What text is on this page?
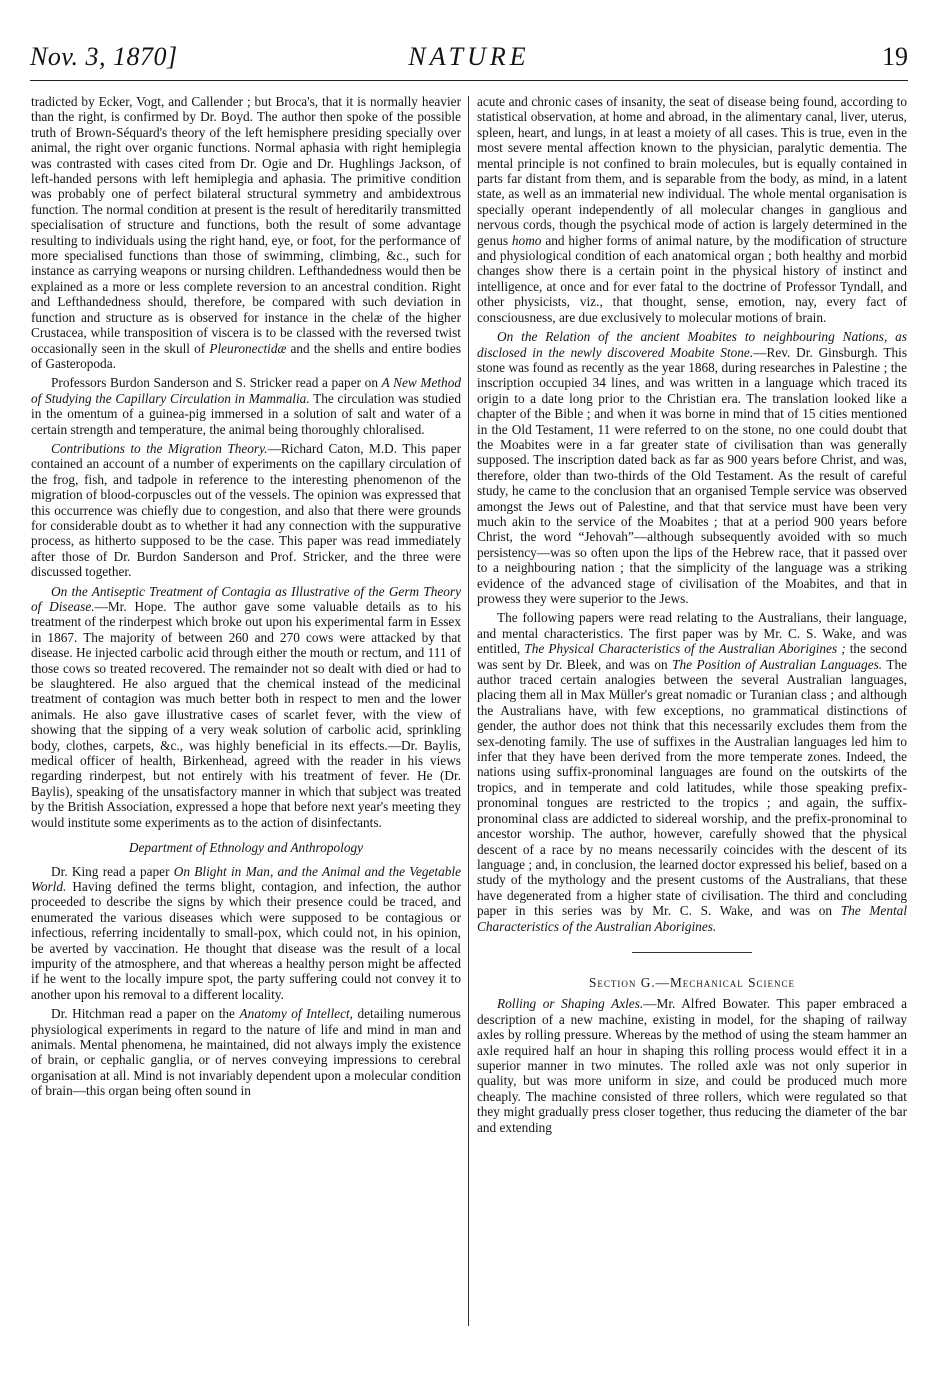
Nov. 3, 1870]	NATURE	19

tradicted by Ecker, Vogt, and Callender ; but Broca's, that it is normally heavier than the right, is confirmed by Dr. Boyd. The author then spoke of the possible truth of Brown-Séquard's theory of the left hemisphere presiding specially over animal, the right over organic functions. Normal aphasia with right hemiplegia was contrasted with cases cited from Dr. Ogie and Dr. Hughlings Jackson, of left-handed persons with left hemiplegia and aphasia. The primitive condition was probably one of perfect bilateral structural symmetry and ambidextrous function. The normal condition at present is the result of hereditarily transmitted specialisation of structure and functions, both the result of some advantage resulting to individuals using the right hand, eye, or foot, for the performance of more specialised functions than those of swimming, climbing, &c., such for instance as carrying weapons or nursing children. Lefthandedness would then be explained as a more or less complete reversion to an ancestral condition. Right and Lefthandedness should, therefore, be compared with such deviation in function and structure as is observed for instance in the chelæ of the higher Crustacea, while transposition of viscera is to be classed with the reversed twist occasionally seen in the skull of Pleuronectidæ and the shells and entire bodies of Gasteropoda.

Professors Burdon Sanderson and S. Stricker read a paper on A New Method of Studying the Capillary Circulation in Mammalia. The circulation was studied in the omentum of a guinea-pig immersed in a solution of salt and water of a certain strength and temperature, the animal being thoroughly chloralised.

Contributions to the Migration Theory.—Richard Caton, M.D. This paper contained an account of a number of experiments on the capillary circulation of the frog, fish, and tadpole in reference to the interesting phenomenon of the migration of blood-corpuscles out of the vessels. The opinion was expressed that this occurrence was chiefly due to congestion, and also that there were grounds for considerable doubt as to whether it had any connection with the suppurative process, as hitherto supposed to be the case. This paper was read immediately after those of Dr. Burdon Sanderson and Prof. Stricker, and the three were discussed together.

On the Antiseptic Treatment of Contagia as Illustrative of the Germ Theory of Disease.—Mr. Hope. The author gave some valuable details as to his treatment of the rinderpest which broke out upon his experimental farm in Essex in 1867. The majority of between 260 and 270 cows were attacked by that disease. He injected carbolic acid through either the mouth or rectum, and 111 of those cows so treated recovered. The remainder not so dealt with died or had to be slaughtered. He also argued that the chemical instead of the medicinal treatment of contagion was much better both in respect to men and the lower animals. He also gave illustrative cases of scarlet fever, with the view of showing that the sipping of a very weak solution of carbolic acid, sprinkling body, clothes, carpets, &c., was highly beneficial in its effects.—Dr. Baylis, medical officer of health, Birkenhead, agreed with the reader in his views regarding rinderpest, but not entirely with his treatment of fever. He (Dr. Baylis), speaking of the unsatisfactory manner in which that subject was treated by the British Association, expressed a hope that before next year's meeting they would institute some experiments as to the action of disinfectants.

Department of Ethnology and Anthropology

Dr. King read a paper On Blight in Man, and the Animal and the Vegetable World. Having defined the terms blight, contagion, and infection, the author proceeded to describe the signs by which their presence could be traced, and enumerated the various diseases which were supposed to be contagious or infectious, referring incidentally to small-pox, which could not, in his opinion, be averted by vaccination. He thought that disease was the result of a local impurity of the atmosphere, and that whereas a healthy person might be affected if he went to the locally impure spot, the party suffering could not convey it to another upon his removal to a different locality.

Dr. Hitchman read a paper on the Anatomy of Intellect, detailing numerous physiological experiments in regard to the nature of life and mind in man and animals. Mental phenomena, he maintained, did not always imply the existence of brain, or cephalic ganglia, or of nerves conveying impressions to cerebral organisation at all. Mind is not invariably dependent upon a molecular condition of brain—this organ being often sound in

acute and chronic cases of insanity, the seat of disease being found, according to statistical observation, at home and abroad, in the alimentary canal, liver, uterus, spleen, heart, and lungs, in at least a moiety of all cases. This is true, even in the most severe mental affection known to the physician, paralytic dementia. The mental principle is not confined to brain molecules, but is equally contained in parts far distant from them, and is separable from the body, as mind, in a latent state, as well as an immaterial new individual. The whole mental organisation is specially operant independently of all molecular changes in ganglious and nervous cords, though the psychical mode of action is largely determined in the genus homo and higher forms of animal nature, by the modification of structure and physiological condition of each anatomical organ ; both healthy and morbid changes show there is a certain point in the physical history of instinct and intelligence, at once and for ever fatal to the doctrine of Professor Tyndall, and other physicists, viz., that thought, sense, emotion, nay, every fact of consciousness, are due exclusively to molecular motions of brain.

On the Relation of the ancient Moabites to neighbouring Nations, as disclosed in the newly discovered Moabite Stone.—Rev. Dr. Ginsburgh. This stone was found as recently as the year 1868, during researches in Palestine ; the inscription occupied 34 lines, and was written in a language which traced its origin to a date long prior to the Christian era. The translation looked like a chapter of the Bible ; and when it was borne in mind that of 15 cities mentioned in the Old Testament, 11 were referred to on the stone, no one could doubt that the Moabites were in a far greater state of civilisation than was generally supposed. The inscription dated back as far as 900 years before Christ, and was, therefore, older than two-thirds of the Old Testament. As the result of careful study, he came to the conclusion that an organised Temple service was observed amongst the Jews out of Palestine, and that that service must have been very much akin to the service of the Moabites ; that at a period 900 years before Christ, the word “Jehovah”—although subsequently avoided with so much persistency—was so often upon the lips of the Hebrew race, that it passed over to a neighbouring nation ; that the simplicity of the language was a striking evidence of the advanced stage of civilisation of the Moabites, and that in prowess they were superior to the Jews.

The following papers were read relating to the Australians, their language, and mental characteristics. The first paper was by Mr. C. S. Wake, and was entitled, The Physical Characteristics of the Australian Aborigines ; the second was sent by Dr. Bleek, and was on The Position of Australian Languages. The author traced certain analogies between the several Australian languages, placing them all in Max Müller's great nomadic or Turanian class ; and although the Australians have, with few exceptions, no grammatical distinctions of gender, the author does not think that this necessarily excludes them from the sex-denoting family. The use of suffixes in the Australian languages led him to infer that they have been derived from the more temperate zones. Indeed, the nations using suffix-pronominal languages are found on the outskirts of the tropics, and in temperate and cold latitudes, while those speaking prefix-pronominal tongues are restricted to the tropics ; and again, the suffix-pronominal class are addicted to sidereal worship, and the prefix-pronominal to ancestor worship. The author, however, carefully showed that the physical descent of a race by no means necessarily coincides with the descent of its language ; and, in conclusion, the learned doctor expressed his belief, based on a study of the mythology and the present customs of the Australians, that these have degenerated from a higher state of civilisation. The third and concluding paper in this series was by Mr. C. S. Wake, and was on The Mental Characteristics of the Australian Aborigines.

Section G.—Mechanical Science

Rolling or Shaping Axles.—Mr. Alfred Bowater. This paper embraced a description of a new machine, existing in model, for the shaping of railway axles by rolling pressure. Whereas by the method of using the steam hammer an axle required half an hour in shaping this rolling process would effect it in a superior manner in two minutes. The rolled axle was not only superior in quality, but was more uniform in size, and could be produced much more cheaply. The machine consisted of three rollers, which were regulated so that they might gradually press closer together, thus reducing the diameter of the bar and extending
